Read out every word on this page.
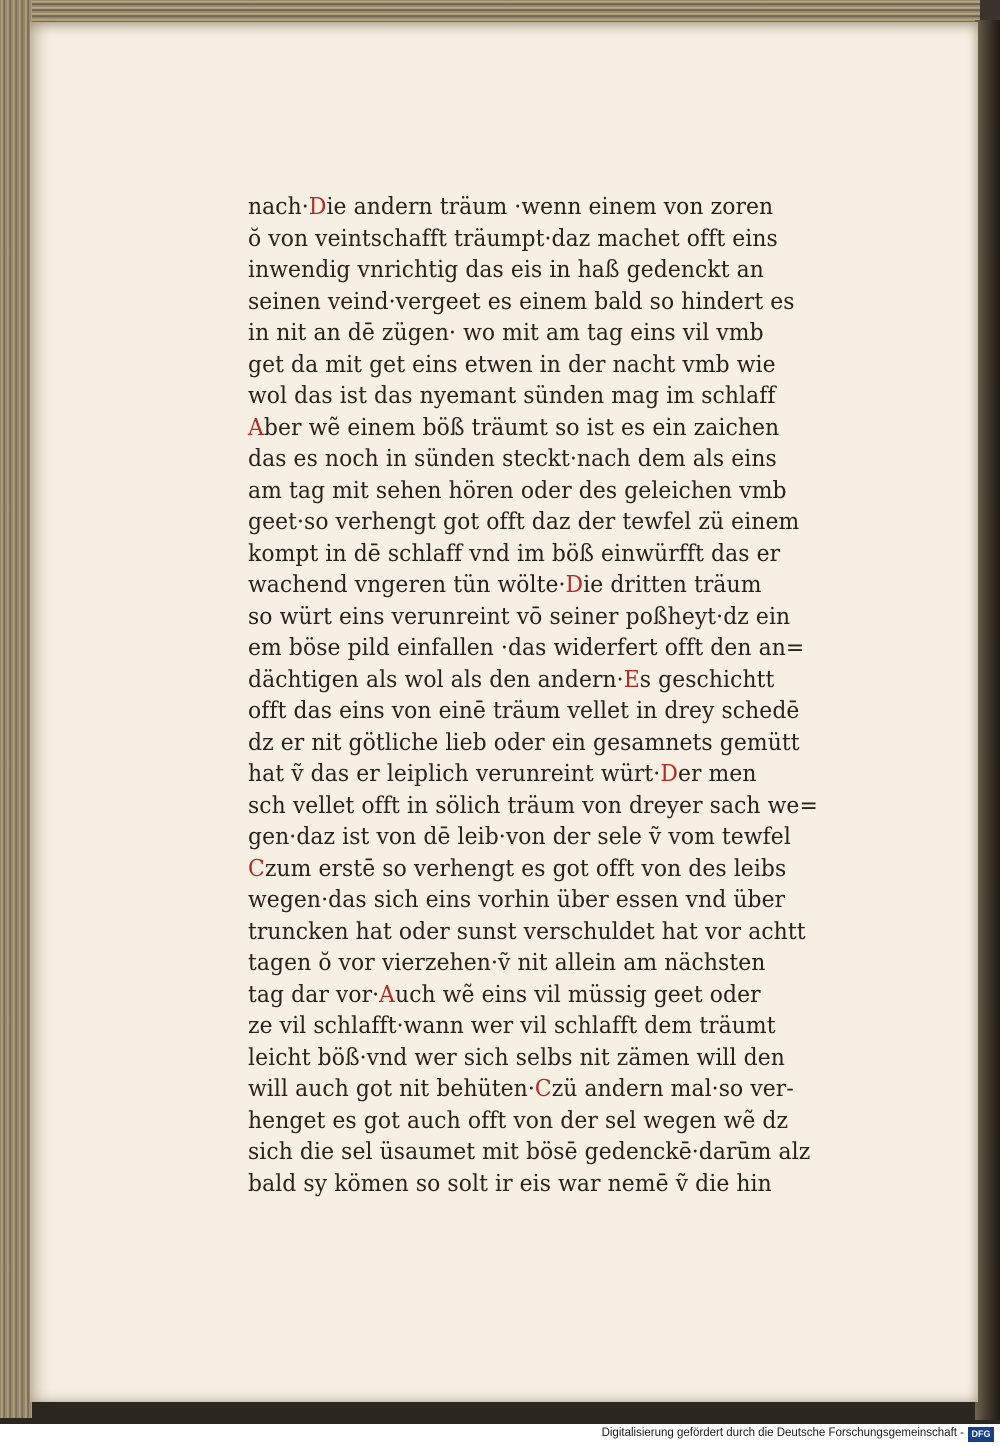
nach·Die andern träum ·wenn einem von zoren
ŏ von veintschafft träumpt·daz machet offt eins
inwendig vnrichtig das eis in haß gedenckt an
seinen veind·vergeet es einem bald so hindert es
in nit an dē zügen· wo mit am tag eins vil vmb
get da mit get eins etwen in der nacht vmb wie
wol das ist das nyemant sünden mag im schlaff
Aber wẽ einem böß träumt so ist es ein zaichen
das es noch in sünden steckt·nach dem als eins
am tag mit sehen hören oder des geleichen vmb
geet·so verhengt got offt daz der tewfel zü einem
kompt in dē schlaff vnd im böß einwürfft das er
wachend vngeren tün wölte·Die dritten träum
so würt eins verunreint vō seiner poßheyt·dz ein
em böse pild einfallen ·das widerfert offt den an=
dächtigen als wol als den andern·Es geschichtt
offt das eins von einē träum vellet in drey schedē
dz er nit götliche lieb oder ein gesamnets gemütt
hat ṽ das er leiplich verunreint würt·Der men
sch vellet offt in sölich träum von dreyer sach we=
gen·daz ist von dē leib·von der sele ṽ vom tewfel
Czum erstē so verhengt es got offt von des leibs
wegen·das sich eins vorhin über essen vnd über
truncken hat oder sunst verschuldet hat vor achtt
tagen ŏ vor vierzehen·ṽ nit allein am nächsten
tag dar vor·Auch wẽ eins vil müssig geet oder
ze vil schlafft·wann wer vil schlafft dem träumt
leicht böß·vnd wer sich selbs nit zämen will den
will auch got nit behüten·Czü andern mal·so ver-
henget es got auch offt von der sel wegen wẽ dz
sich die sel üsaumet mit bösē gedenckē·darūm alz
bald sy kömen so solt ir eis war nemē ṽ die hin
Digitalisierung gefördert durch die Deutsche Forschungsgemeinschaft - DFG
